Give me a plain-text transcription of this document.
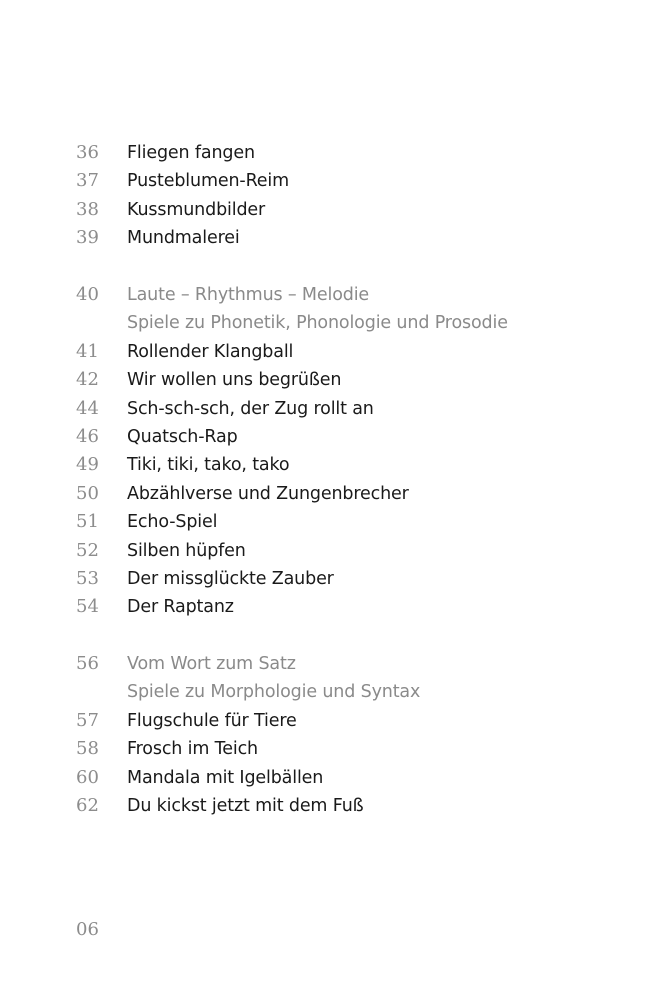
36	Fliegen fangen
37	Pusteblumen-Reim
38	Kussmundbilder
39	Mundmalerei
40	Laute – Rhythmus – Melodie
Spiele zu Phonetik, Phonologie und Prosodie
41	Rollender Klangball
42	Wir wollen uns begrüßen
44	Sch-sch-sch, der Zug rollt an
46	Quatsch-Rap
49	Tiki, tiki, tako, tako
50	Abzählverse und Zungenbrecher
51	Echo-Spiel
52	Silben hüpfen
53	Der missglückte Zauber
54	Der Raptanz
56	Vom Wort zum Satz
Spiele zu Morphologie und Syntax
57	Flugschule für Tiere
58	Frosch im Teich
60	Mandala mit Igelbällen
62	Du kickst jetzt mit dem Fuß
06
